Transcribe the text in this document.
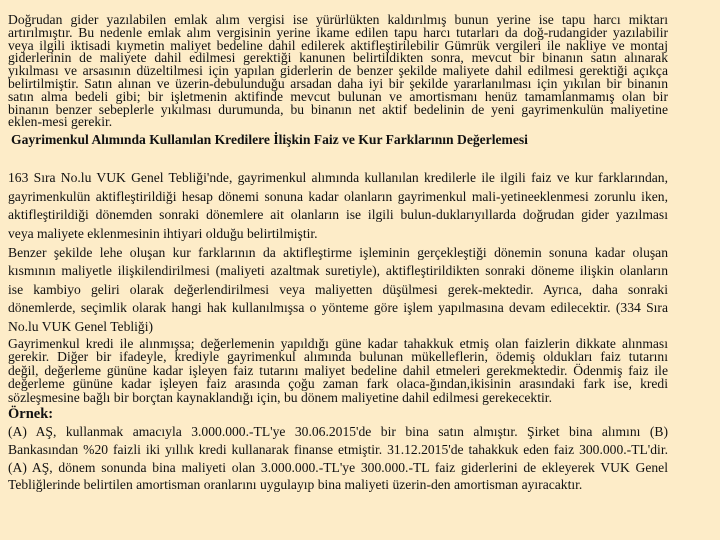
Doğrudan gider yazılabilen emlak alım vergisi ise yürürlükten kaldırılmış bunun yerine ise tapu harcı miktarı
artırılmıştır. Bu nedenle emlak alım vergisinin yerine ikame edilen tapu harcı tutarları da doğ-rudangider yazılabilir
veya ilgili iktisadi kıymetin maliyet bedeline dahil edilerek aktifleştirilebilir Gümrük vergileri ile nakliye ve montaj
giderlerinin de maliyete dahil edilmesi gerektiği kanunen belirtildikten sonra, mevcut bir binanın satın alınarak
yıkılması ve arsasının düzeltilmesi için yapılan giderlerin de benzer şekilde maliyete dahil edilmesi gerektiği açıkça
belirtilmiştir. Satın alınan ve üzerin-debulunduğu arsadan daha iyi bir şekilde yararlanılması için yıkılan bir binanın
satın alma bedeli gibi; bir işletmenin aktifinde mevcut bulunan ve amortismanı henüz tamamlanmamış olan bir
binanın benzer sebeplerle yıkılması durumunda, bu binanın net aktif bedelinin de yeni gayrimenkulün maliyetine
eklen-mesi gerekir.
Gayrimenkul Alımında Kullanılan Kredilere İlişkin Faiz ve Kur Farklarının Değerlemesi
163 Sıra No.lu VUK Genel Tebliği'nde, gayrimenkul alımında kullanılan kredilerle ile ilgili faiz ve kur farklarından,
gayrimenkulün aktifleştirildiği hesap dönemi sonuna kadar olanların gayrimenkul mali-yetineeklenmesi zorunlu iken,
aktifleştirildiği dönemden sonraki dönemlere ait olanların ise ilgili bulun-duklarıyıllarda doğrudan gider yazılması
veya maliyete eklenmesinin ihtiyari olduğu belirtilmiştir.
Benzer şekilde lehe oluşan kur farklarının da aktifleştirme işleminin gerçekleştiği dönemin sonuna kadar oluşan
kısmının maliyetle ilişkilendirilmesi (maliyeti azaltmak suretiyle), aktifleştirildikten sonraki döneme ilişkin olanların
ise kambiyo geliri olarak değerlendirilmesi veya maliyetten düşülmesi gerek-mektedir. Ayrıca, daha sonraki
dönemlerde, seçimlik olarak hangi hak kullanılmışsa o yönteme göre işlem yapılmasına devam edilecektir. (334 Sıra
No.lu VUK Genel Tebliği)
Gayrimenkul kredi ile alınmışsa; değerlemenin yapıldığı güne kadar tahakkuk etmiş olan faizlerin dikkate alınması
gerekir. Diğer bir ifadeyle, krediyle gayrimenkul alımında bulunan mükelleflerin, ödemiş oldukları faiz tutarını
değil, değerleme gününe kadar işleyen faiz tutarını maliyet bedeline dahil etmeleri gerekmektedir. Ödenmiş faiz ile
değerleme gününe kadar işleyen faiz arasında çoğu zaman fark olaca-ğından,ikisinin arasındaki fark ise, kredi
sözleşmesine bağlı bir borçtan kaynaklandığı için, bu dönem maliyetine dahil edilmesi gerekecektir.
Örnek:
(A) AŞ, kullanmak amacıyla 3.000.000.-TL'ye 30.06.2015'de bir bina satın almıştır. Şirket bina alımını (B)
Bankasından %20 faizli iki yıllık kredi kullanarak finanse etmiştir. 31.12.2015'de tahakkuk eden faiz 300.000.-TL'dir.
(A) AŞ, dönem sonunda bina maliyeti olan 3.000.000.-TL'ye 300.000.-TL faiz giderlerini de ekleyerek VUK Genel
Tebliğlerinde belirtilen amortisman oranlarını uygulayıp bina maliyeti üzerin-den amortisman ayıracaktır.
